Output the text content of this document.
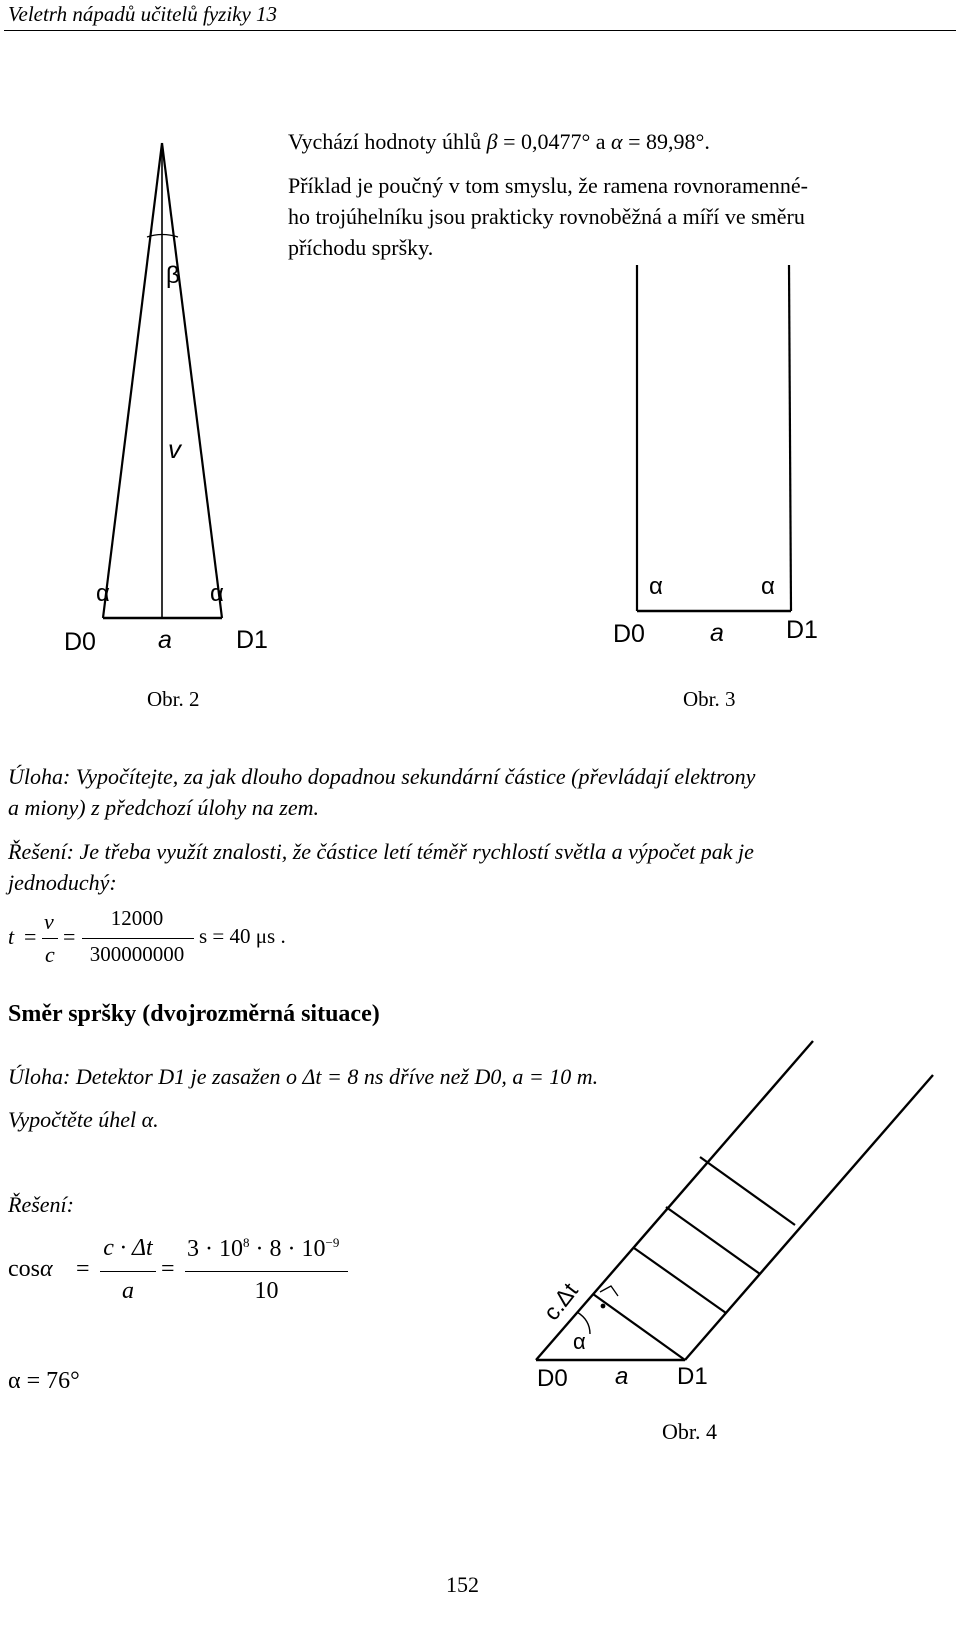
Veletrh nápadů učitelů fyziky 13
Vychází hodnoty úhlů β = 0,0477° a α = 89,98°.
Příklad je poučný v tom smyslu, že ramena rovnoramenné-
ho trojúhelníku jsou prakticky rovnoběžná a míří ve směru
příchodu spršky.
β
v
α	α
D0 a	D1
Obr. 2
α	α
D0	a D1
Obr. 3
Úloha: Vypočítejte, za jak dlouho dopadnou sekundární částice (převládají elektrony
a miony) z předchozí úlohy na zem.
Řešení: Je třeba využít znalosti, že částice letí téměř rychlostí světla a výpočet pak je
jednoduchý:
t =
v
c
=
12000
300000000
s = 40 μs .
Směr spršky (dvojrozměrná situace)
Úloha: Detektor D1 je zasažen o Δt = 8 ns dříve než D0, a = 10 m.
Vypočtěte úhel α.
Řešení:
cosα =
c · Δt
a
=
$3 \cdot 10^8 \cdot 8 \cdot 10^{-9}$
10
α = 76°
c.Δt
α
D0 a D1
Obr. 4
152
